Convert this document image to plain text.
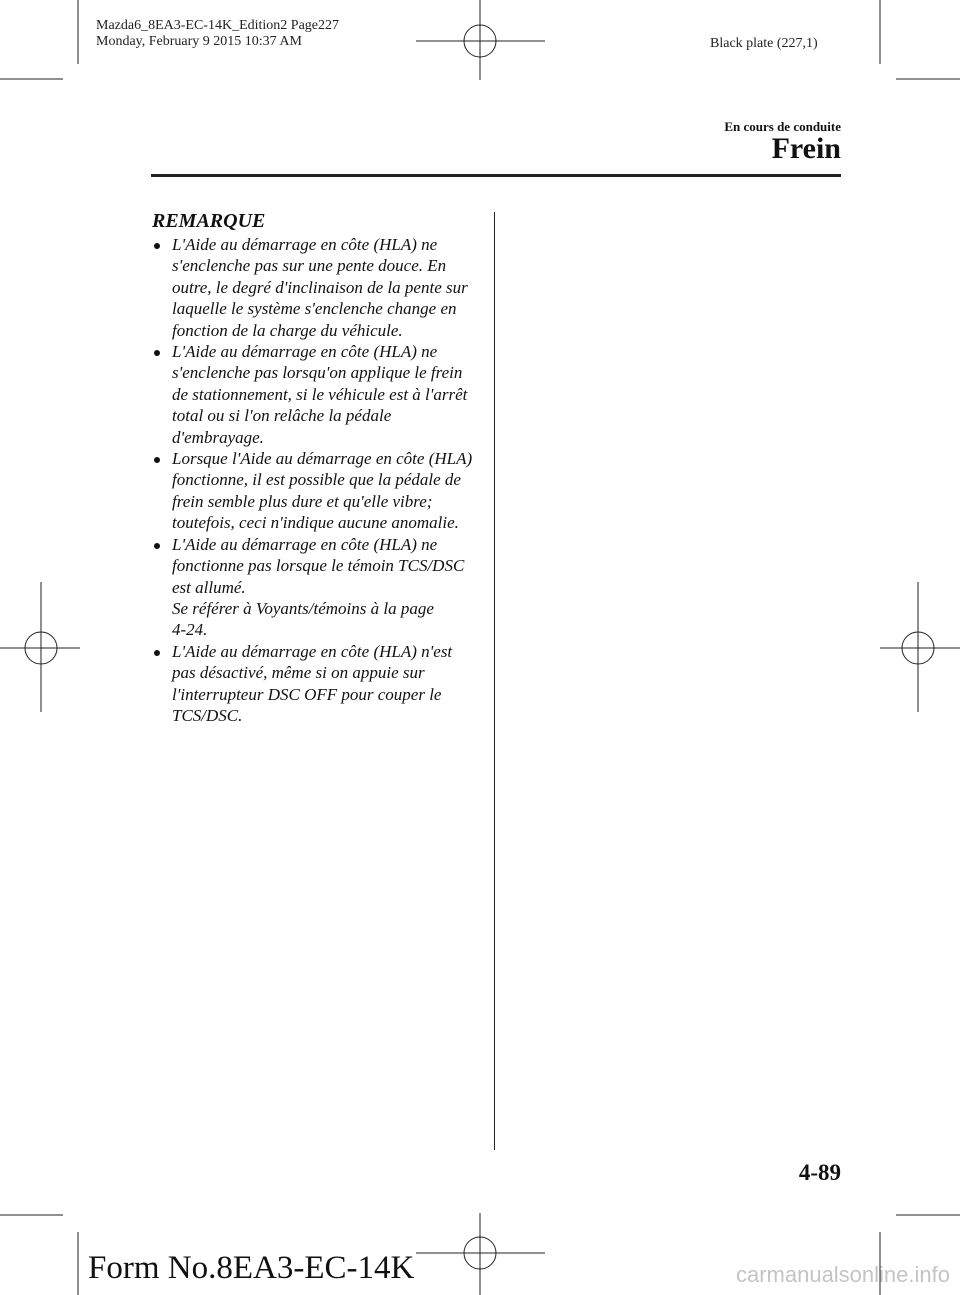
Mazda6_8EA3-EC-14K_Edition2 Page227
Monday, February 9 2015 10:37 AM	Black plate (227,1)
En cours de conduite
Frein
REMARQUE
L'Aide au démarrage en côte (HLA) ne
s'enclenche pas sur une pente douce. En
outre, le degré d'inclinaison de la pente sur
laquelle le système s'enclenche change en
fonction de la charge du véhicule.
L'Aide au démarrage en côte (HLA) ne
s'enclenche pas lorsqu'on applique le frein
de stationnement, si le véhicule est à l'arrêt
total ou si l'on relâche la pédale
d'embrayage.
Lorsque l'Aide au démarrage en côte (HLA)
fonctionne, il est possible que la pédale de
frein semble plus dure et qu'elle vibre;
toutefois, ceci n'indique aucune anomalie.
L'Aide au démarrage en côte (HLA) ne
fonctionne pas lorsque le témoin TCS/DSC
est allumé.
Se référer à Voyants/témoins à la page
4-24.
L'Aide au démarrage en côte (HLA) n'est
pas désactivé, même si on appuie sur
l'interrupteur DSC OFF pour couper le
TCS/DSC.
4-89
Form No.8EA3-EC-14K	carmanualsonline.info
